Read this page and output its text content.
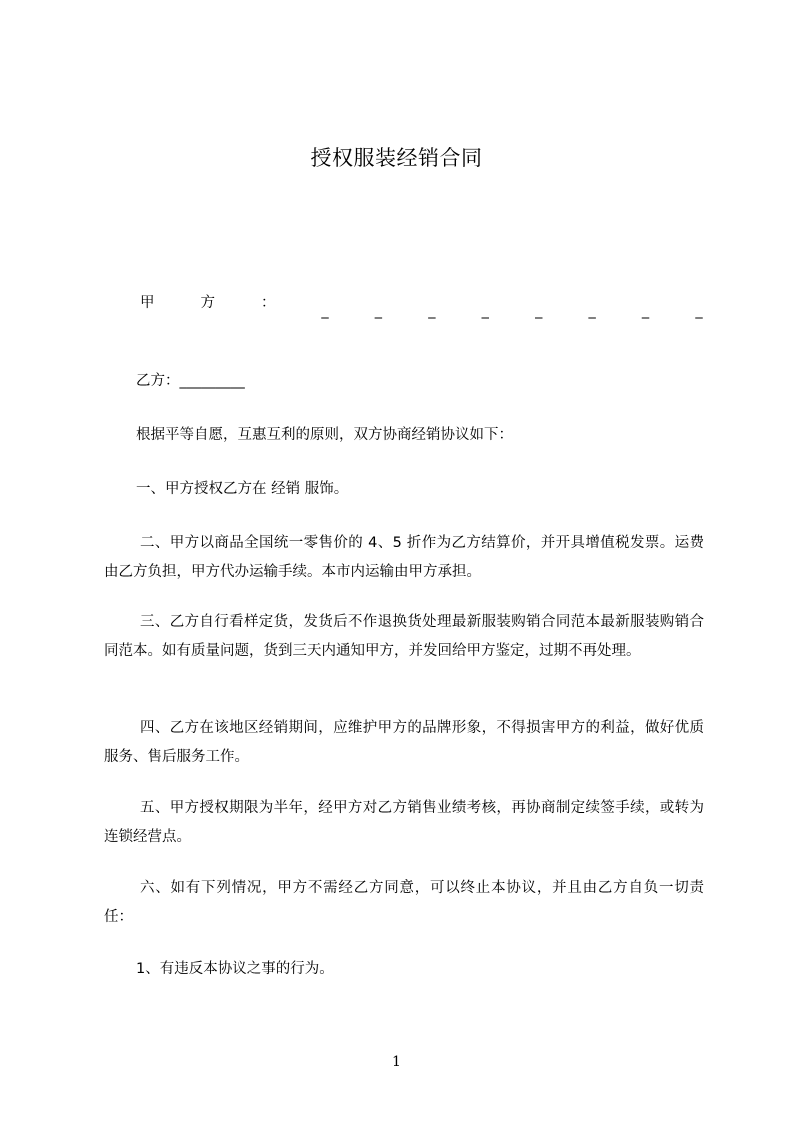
授权服装经销合同
甲	方	：	_	_	_	_	_	_	_	_
乙方：_________
根据平等自愿，互惠互利的原则，双方协商经销协议如下：
一、甲方授权乙方在 经销 服饰。
二、甲方以商品全国统一零售价的 4、5 折作为乙方结算价，并开具增值税发票。运费由乙方负担，甲方代办运输手续。本市内运输由甲方承担。
三、乙方自行看样定货，发货后不作退换货处理最新服装购销合同范本最新服装购销合同范本。如有质量问题，货到三天内通知甲方，并发回给甲方鉴定，过期不再处理。
四、乙方在该地区经销期间，应维护甲方的品牌形象，不得损害甲方的利益，做好优质服务、售后服务工作。
五、甲方授权期限为半年，经甲方对乙方销售业绩考核，再协商制定续签手续，或转为连锁经营点。
六、如有下列情况，甲方不需经乙方同意，可以终止本协议，并且由乙方自负一切责任：
1、有违反本协议之事的行为。
1
